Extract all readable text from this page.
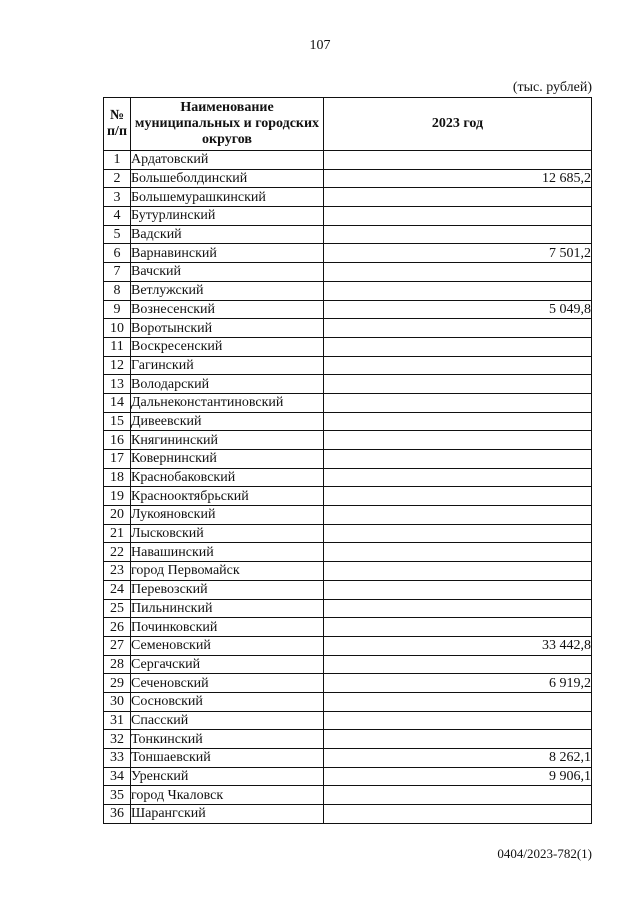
107
(тыс. рублей)
№ п/п	Наименование муниципальных и городских округов	2023 год
1	Ардатовский	
2	Большеболдинский	12 685,2
3	Большемурашкинский	
4	Бутурлинский	
5	Вадский	
6	Варнавинский	7 501,2
7	Вачский	
8	Ветлужский	
9	Вознесенский	5 049,8
10	Воротынский	
11	Воскресенский	
12	Гагинский	
13	Володарский	
14	Дальнеконстантиновский	
15	Дивеевский	
16	Княгининский	
17	Ковернинский	
18	Краснобаковский	
19	Краснооктябрьский	
20	Лукояновский	
21	Лысковский	
22	Навашинский	
23	город Первомайск	
24	Перевозский	
25	Пильнинский	
26	Починковский	
27	Семеновский	33 442,8
28	Сергачский	
29	Сеченовский	6 919,2
30	Сосновский	
31	Спасский	
32	Тонкинский	
33	Тоншаевский	8 262,1
34	Уренский	9 906,1
35	город Чкаловск	
36	Шарангский	
0404/2023-782(1)
